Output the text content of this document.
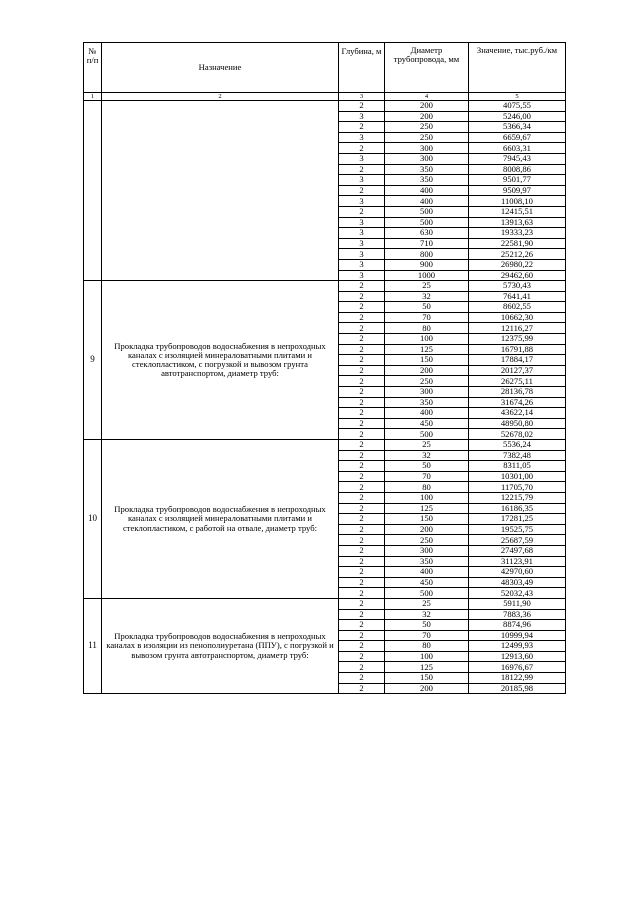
№ п/п	Назначение	Глубина, м	Диаметр трубопровода, мм	Значение, тыс.руб./км
1	2	3	4	5
		2	200	4075,55
		3	200	5246,00
		2	250	5366,34
		3	250	6659,67
		2	300	6603,31
		3	300	7945,43
		2	350	8008,86
		3	350	9501,77
		2	400	9509,97
		3	400	11008,10
		2	500	12415,51
		3	500	13913,63
		3	630	19333,23
		3	710	22581,90
		3	800	25212,26
		3	900	26980,22
		3	1000	29462,60
9	Прокладка трубопроводов водоснабжения в непроходных каналах с изоляцией минераловатными плитами и стеклопластиком, с погрузкой и вывозом грунта автотранспортом, диаметр труб:	2	25	5730,43
		2	32	7641,41
		2	50	8602,55
		2	70	10662,30
		2	80	12116,27
		2	100	12375,99
		2	125	16791,88
		2	150	17884,17
		2	200	20127,37
		2	250	26275,11
		2	300	28136,78
		2	350	31674,26
		2	400	43622,14
		2	450	48950,80
		2	500	52678,02
10	Прокладка трубопроводов водоснабжения в непроходных каналах с изоляцией минераловатными плитами и стеклопластиком, с работой на отвале, диаметр труб:	2	25	5536,24
		2	32	7382,48
		2	50	8311,05
		2	70	10301,00
		2	80	11705,70
		2	100	12215,79
		2	125	16186,35
		2	150	17281,25
		2	200	19525,75
		2	250	25687,59
		2	300	27497,68
		2	350	31123,91
		2	400	42970,60
		2	450	48303,49
		2	500	52032,43
11	Прокладка трубопроводов водоснабжения в непроходных каналах в изоляции из пенополиуретана (ППУ), с погрузкой и вывозом грунта автотранспортом, диаметр труб:	2	25	5911,90
		2	32	7883,36
		2	50	8874,96
		2	70	10999,94
		2	80	12499,93
		2	100	12913,60
		2	125	16976,67
		2	150	18122,99
		2	200	20185,98
